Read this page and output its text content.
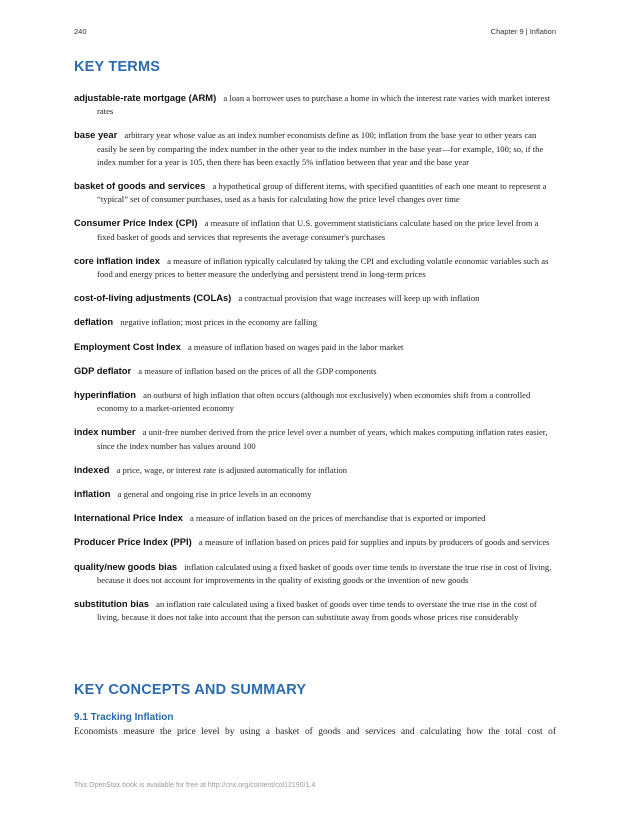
240	Chapter 9 | Inflation
KEY TERMS

adjustable-rate mortgage (ARM) a loan a borrower uses to purchase a home in which the interest rate varies with market interest rates

base year arbitrary year whose value as an index number economists define as 100; inflation from the base year to other years can easily be seen by comparing the index number in the other year to the index number in the base year—for example, 100; so, if the index number for a year is 105, then there has been exactly 5% inflation between that year and the base year

basket of goods and services a hypothetical group of different items, with specified quantities of each one meant to represent a “typical” set of consumer purchases, used as a basis for calculating how the price level changes over time

Consumer Price Index (CPI) a measure of inflation that U.S. government statisticians calculate based on the price level from a fixed basket of goods and services that represents the average consumer's purchases

core inflation index a measure of inflation typically calculated by taking the CPI and excluding volatile economic variables such as food and energy prices to better measure the underlying and persistent trend in long-term prices

cost-of-living adjustments (COLAs) a contractual provision that wage increases will keep up with inflation

deflation negative inflation; most prices in the economy are falling

Employment Cost Index a measure of inflation based on wages paid in the labor market

GDP deflator a measure of inflation based on the prices of all the GDP components

hyperinflation an outburst of high inflation that often occurs (although not exclusively) when economies shift from a controlled economy to a market-oriented economy

index number a unit-free number derived from the price level over a number of years, which makes computing inflation rates easier, since the index number has values around 100

indexed a price, wage, or interest rate is adjusted automatically for inflation

inflation a general and ongoing rise in price levels in an economy

International Price Index a measure of inflation based on the prices of merchandise that is exported or imported

Producer Price Index (PPI) a measure of inflation based on prices paid for supplies and inputs by producers of goods and services

quality/new goods bias inflation calculated using a fixed basket of goods over time tends to overstate the true rise in cost of living, because it does not account for improvements in the quality of existing goods or the invention of new goods

substitution bias an inflation rate calculated using a fixed basket of goods over time tends to overstate the true rise in the cost of living, because it does not take into account that the person can substitute away from goods whose prices rise considerably

KEY CONCEPTS AND SUMMARY
9.1 Tracking Inflation

Economists measure the price level by using a basket of goods and services and calculating how the total cost of

This OpenStax book is available for free at http://cnx.org/content/col12190/1.4
